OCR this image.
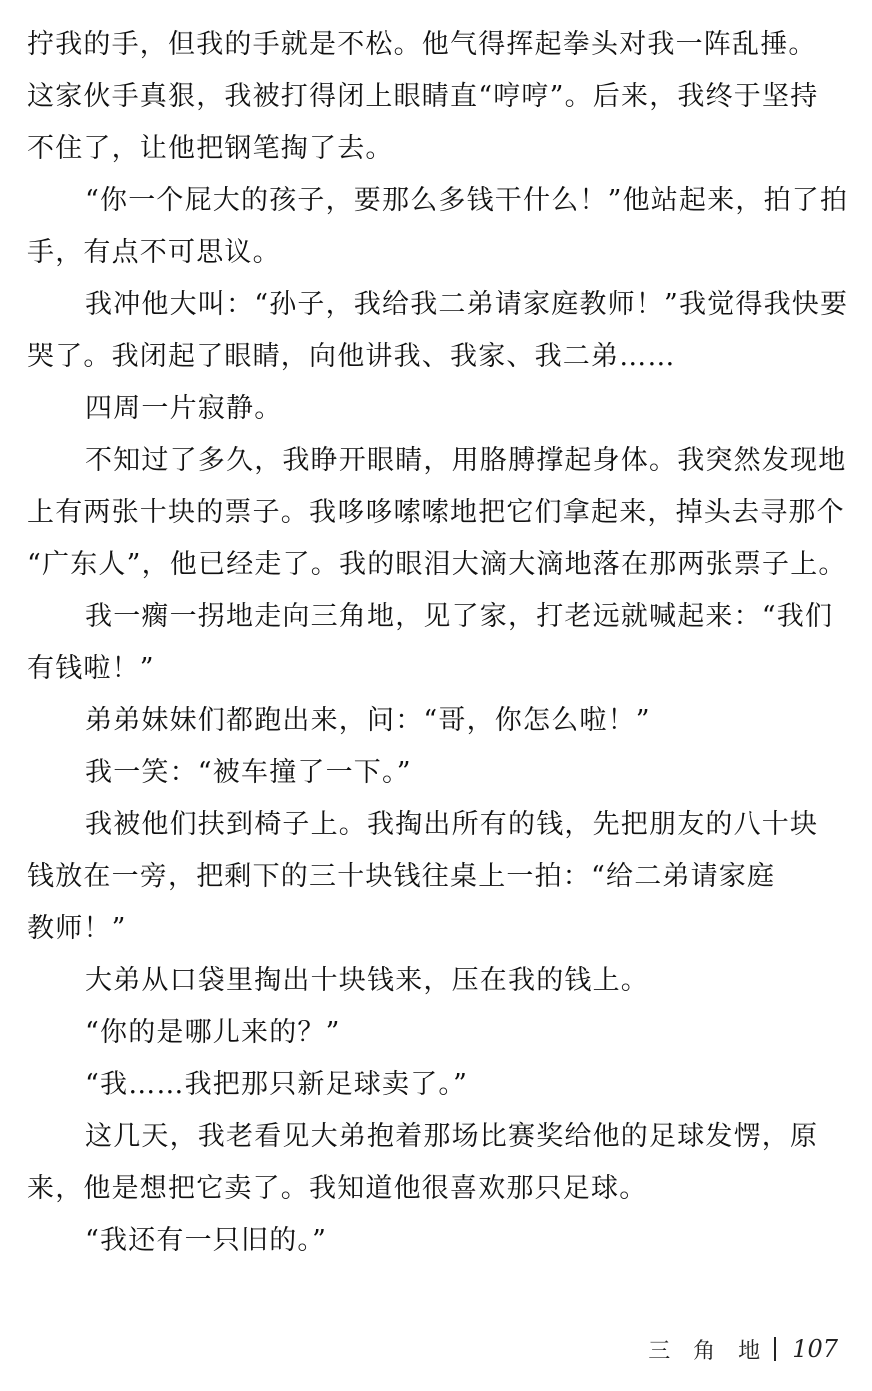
拧我的手，但我的手就是不松。他气得挥起拳头对我一阵乱捶。
这家伙手真狠，我被打得闭上眼睛直“哼哼”。后来，我终于坚持
不住了，让他把钢笔掏了去。
“你一个屁大的孩子，要那么多钱干什么！”他站起来，拍了拍
手，有点不可思议。
我冲他大叫：“孙子，我给我二弟请家庭教师！”我觉得我快要
哭了。我闭起了眼睛，向他讲我、我家、我二弟……
四周一片寂静。
不知过了多久，我睁开眼睛，用胳膊撑起身体。我突然发现地
上有两张十块的票子。我哆哆嗦嗦地把它们拿起来，掉头去寻那个
“广东人”，他已经走了。我的眼泪大滴大滴地落在那两张票子上。
我一瘸一拐地走向三角地，见了家，打老远就喊起来：“我们
有钱啦！”
弟弟妹妹们都跑出来，问：“哥，你怎么啦！”
我一笑：“被车撞了一下。”
我被他们扶到椅子上。我掏出所有的钱，先把朋友的八十块
钱放在一旁，把剩下的三十块钱往桌上一拍：“给二弟请家庭
教师！”
大弟从口袋里掏出十块钱来，压在我的钱上。
“你的是哪儿来的？”
“我……我把那只新足球卖了。”
这几天，我老看见大弟抱着那场比赛奖给他的足球发愣，原
来，他是想把它卖了。我知道他很喜欢那只足球。
“我还有一只旧的。”
三 角 地 107
